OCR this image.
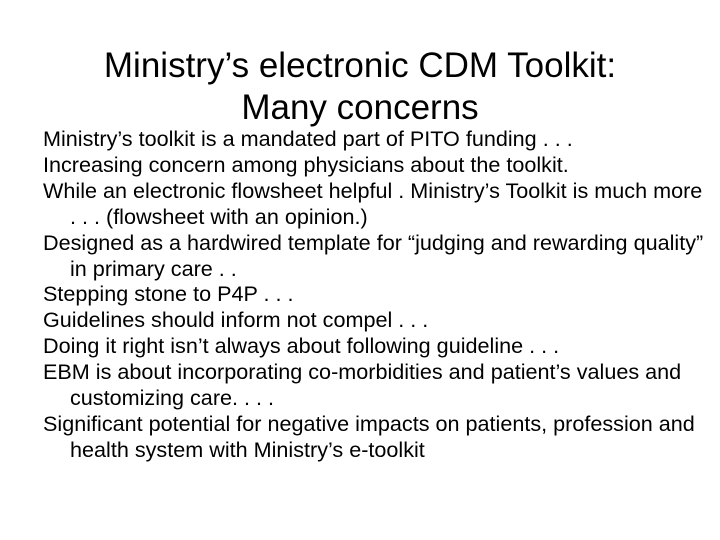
Ministry’s electronic CDM Toolkit:
Many concerns
Ministry’s toolkit is a mandated part of PITO funding . . .
Increasing concern among physicians about the toolkit.
While an electronic flowsheet helpful . Ministry’s Toolkit is much more . . . (flowsheet with an opinion.)
Designed as a hardwired template for “judging and rewarding quality” in primary care . .
Stepping stone to P4P . . .
Guidelines should inform not compel . . .
Doing it right isn’t always about following guideline . . .
EBM is about incorporating co-morbidities and patient’s values and customizing care. . . .
Significant potential for negative impacts on patients, profession and health system with Ministry’s e-toolkit
